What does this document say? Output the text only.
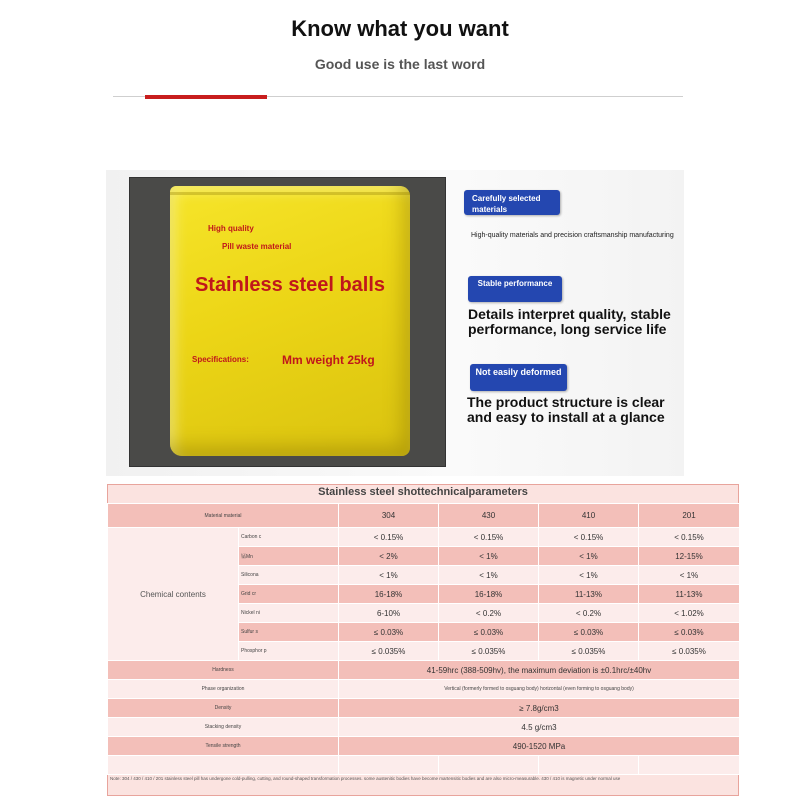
Know what you want
Good use is the last word
High quality
Pill waste material
Stainless steel balls
Specifications:	Mm weight 25kg
Carefully selected materials
High-quality materials and precision craftsmanship manufacturing
Stable performance
Details interpret quality, stable performance, long service life
Not easily deformed
The product structure is clear and easy to install at a glance
Stainless steel shottechnicalparameters
Material material		304	430	410	201
Chemical contents	Carbon c	< 0.15%	< 0.15%	< 0.15%	< 0.15%
	锰Mn	< 2%	< 1%	< 1%	12-15%
	Silicona	< 1%	< 1%	< 1%	< 1%
	Grid cr	16-18%	16-18%	11-13%	11-13%
	Nickel ni	6-10%	< 0.2%	< 0.2%	< 1.02%
	Sulfur s	≤ 0.03%	≤ 0.03%	≤ 0.03%	≤ 0.03%
	Phosphor p	≤ 0.035%	≤ 0.035%	≤ 0.035%	≤ 0.035%
Hardness		41-59hrc (388-509hv), the maximum deviation is ±0.1hrc/±40hv			
Phase organization		Vertical (formerly formed to osguang body) horizontal (even forming to osguang body)			
Density		≥ 7.8g/cm3			
Stacking density		4.5 g/cm3			
Tensile strength		490-1520 MPa			

Note: 304 / 430 / 410 / 201 stainless steel pill has undergone cold-pulling, cutting, and round-shaped transformation processes. some austenitic bodies have become martensitic bodies and are also micro-measurable. 430 / 410 is magnetic under normal use
